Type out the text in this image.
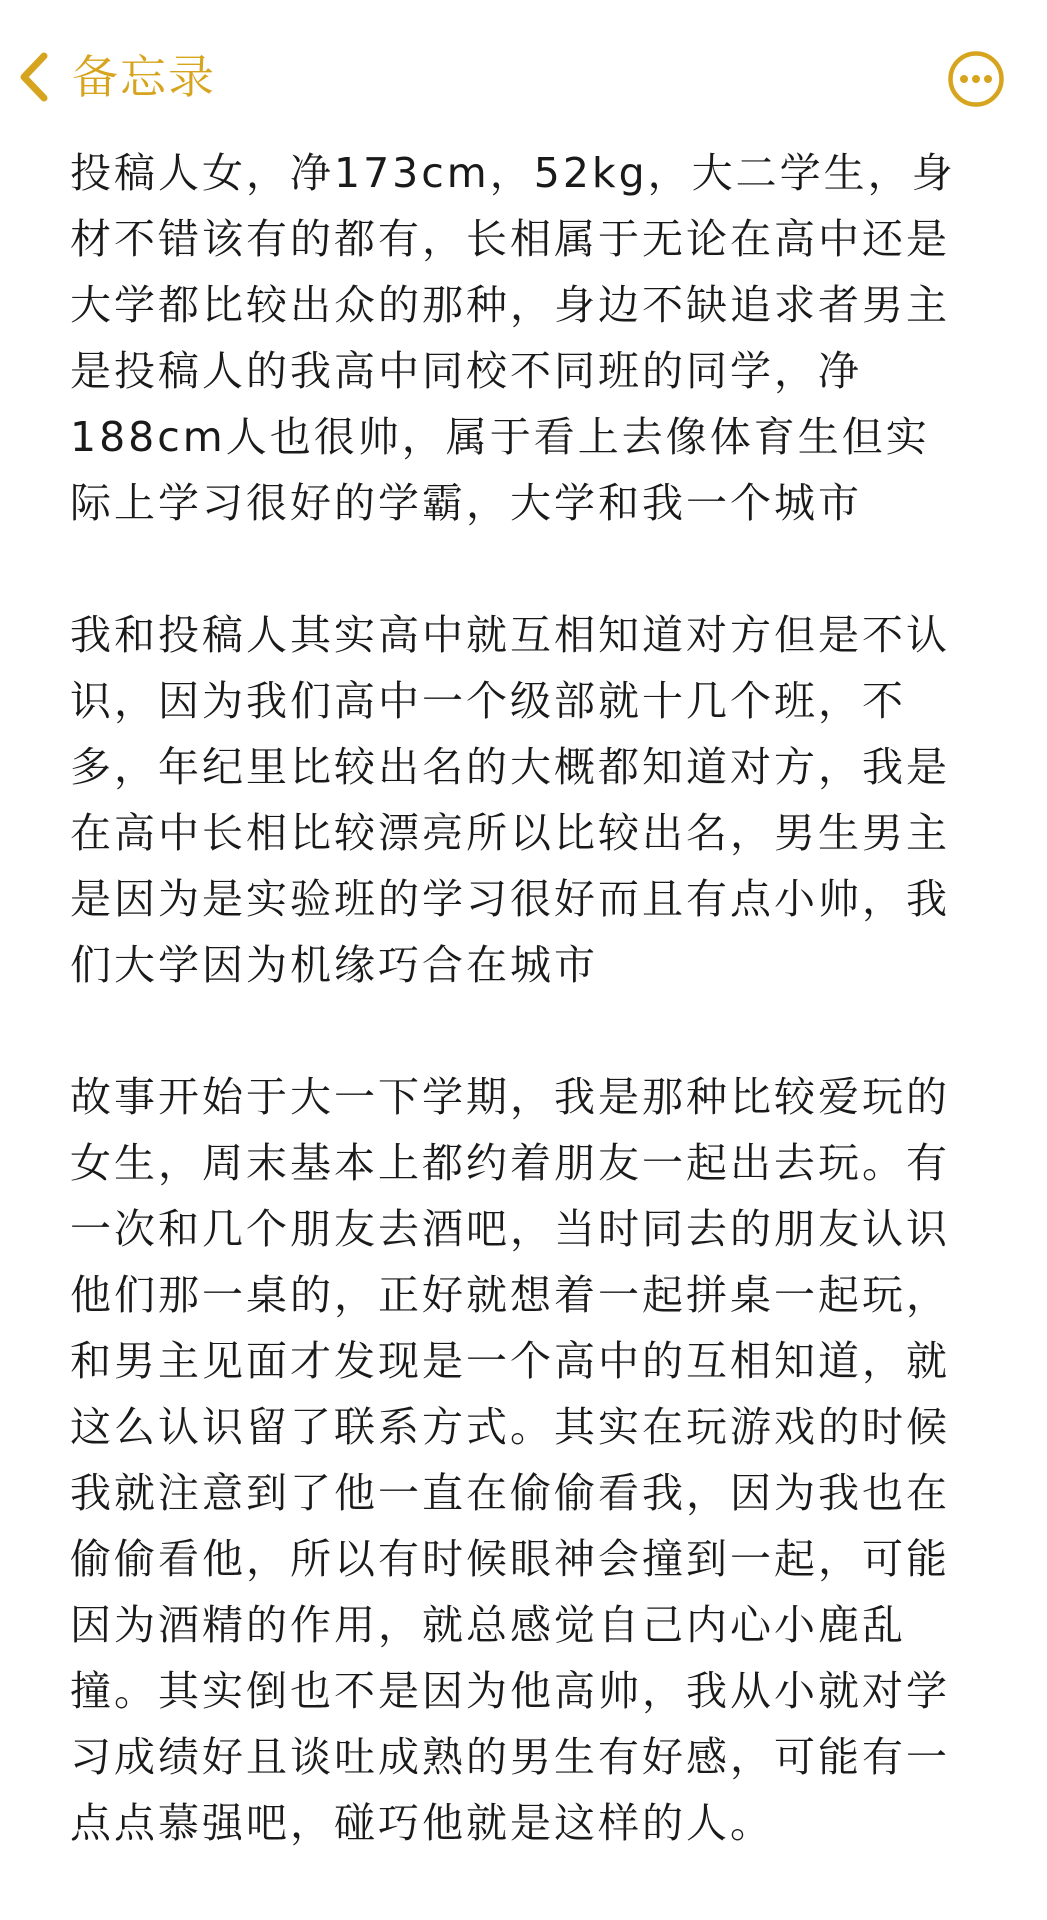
备忘录

投稿人女，净173cm，52kg，大二学生，身材不错该有的都有，长相属于无论在高中还是大学都比较出众的那种，身边不缺追求者男主是投稿人的我高中同校不同班的同学，净188cm人也很帅，属于看上去像体育生但实际上学习很好的学霸，大学和我一个城市

我和投稿人其实高中就互相知道对方但是不认识，因为我们高中一个级部就十几个班，不多，年纪里比较出名的大概都知道对方，我是在高中长相比较漂亮所以比较出名，男生男主是因为是实验班的学习很好而且有点小帅，我们大学因为机缘巧合在城市

故事开始于大一下学期，我是那种比较爱玩的女生，周末基本上都约着朋友一起出去玩。有一次和几个朋友去酒吧，当时同去的朋友认识他们那一桌的，正好就想着一起拼桌一起玩，和男主见面才发现是一个高中的互相知道，就这么认识留了联系方式。其实在玩游戏的时候我就注意到了他一直在偷偷看我，因为我也在偷偷看他，所以有时候眼神会撞到一起，可能因为酒精的作用，就总感觉自己内心小鹿乱撞。其实倒也不是因为他高帅，我从小就对学习成绩好且谈吐成熟的男生有好感，可能有一点点慕强吧，碰巧他就是这样的人。
